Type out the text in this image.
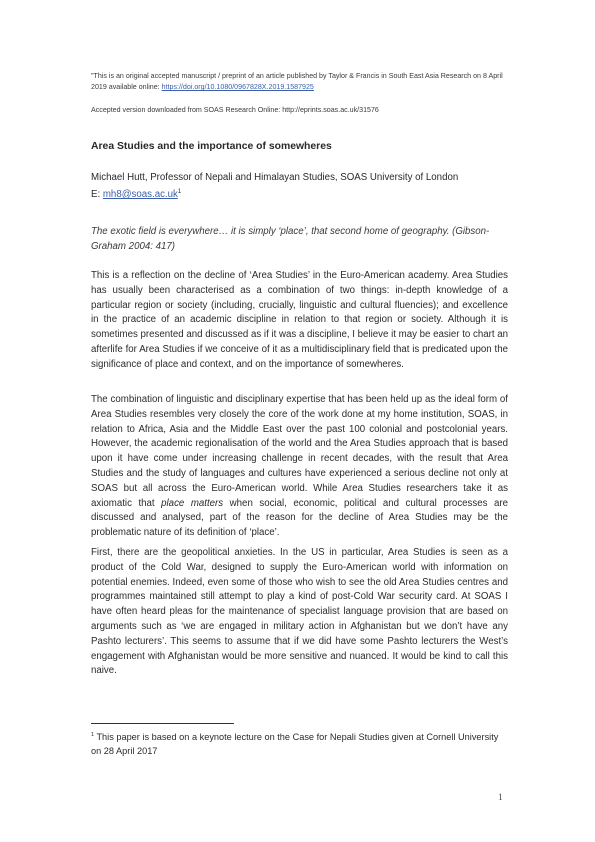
"This is an original accepted manuscript / preprint of an article published by Taylor & Francis in South East Asia Research on 8 April 2019 available online: https://doi.org/10.1080/0967828X.2019.1587925
Accepted version downloaded from SOAS Research Online: http://eprints.soas.ac.uk/31576
Area Studies and the importance of somewheres
Michael Hutt, Professor of Nepali and Himalayan Studies, SOAS University of London
E: $mh8@soas.ac.uk^1$
The exotic field is everywhere… it is simply ‘place’, that second home of geography. (Gibson-Graham 2004: 417)
This is a reflection on the decline of ‘Area Studies’ in the Euro-American academy. Area Studies has usually been characterised as a combination of two things: in-depth knowledge of a particular region or society (including, crucially, linguistic and cultural fluencies); and excellence in the practice of an academic discipline in relation to that region or society. Although it is sometimes presented and discussed as if it was a discipline, I believe it may be easier to chart an afterlife for Area Studies if we conceive of it as a multidisciplinary field that is predicated upon the significance of place and context, and on the importance of somewheres.
The combination of linguistic and disciplinary expertise that has been held up as the ideal form of Area Studies resembles very closely the core of the work done at my home institution, SOAS, in relation to Africa, Asia and the Middle East over the past 100 colonial and postcolonial years. However, the academic regionalisation of the world and the Area Studies approach that is based upon it have come under increasing challenge in recent decades, with the result that Area Studies and the study of languages and cultures have experienced a serious decline not only at SOAS but all across the Euro-American world. While Area Studies researchers take it as axiomatic that place matters when social, economic, political and cultural processes are discussed and analysed, part of the reason for the decline of Area Studies may be the problematic nature of its definition of ‘place’.
First, there are the geopolitical anxieties. In the US in particular, Area Studies is seen as a product of the Cold War, designed to supply the Euro-American world with information on potential enemies. Indeed, even some of those who wish to see the old Area Studies centres and programmes maintained still attempt to play a kind of post-Cold War security card. At SOAS I have often heard pleas for the maintenance of specialist language provision that are based on arguments such as ‘we are engaged in military action in Afghanistan but we don’t have any Pashto lecturers’. This seems to assume that if we did have some Pashto lecturers the West’s engagement with Afghanistan would be more sensitive and nuanced. It would be kind to call this naive.
$^1$ This paper is based on a keynote lecture on the Case for Nepali Studies given at Cornell University on 28 April 2017
1
